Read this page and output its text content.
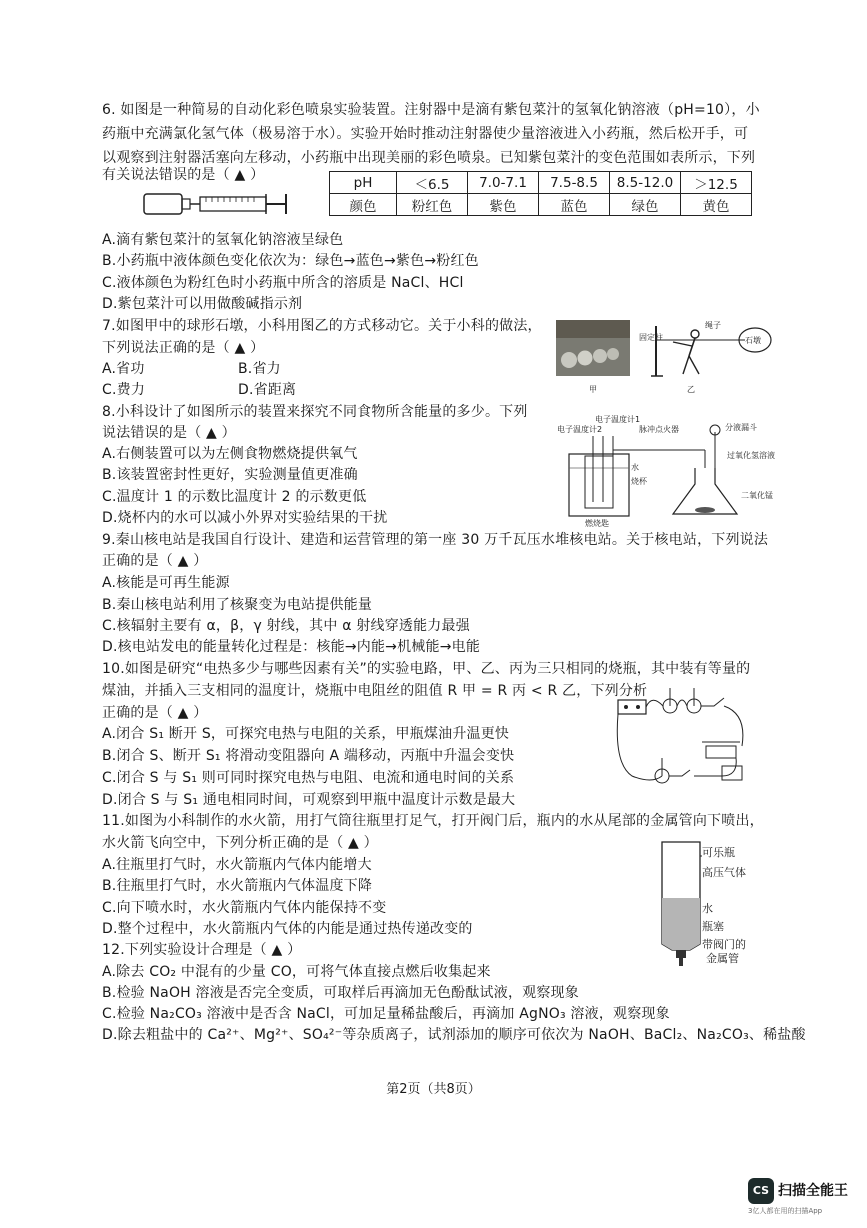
6. 如图是一种简易的自动化彩色喷泉实验装置。注射器中是滴有紫包菜汁的氢氧化钠溶液（pH=10），小
药瓶中充满氯化氢气体（极易溶于水）。实验开始时推动注射器使少量溶液进入小药瓶，然后松开手，可
以观察到注射器活塞向左移动，小药瓶中出现美丽的彩色喷泉。已知紫包菜汁的变色范围如表所示，下列
有关说法错误的是（ ▲ ）	pH	＜6.5	7.0-7.1	7.5-8.5	8.5-12.0	＞12.5
颜色	粉红色	紫色	蓝色	绿色	黄色
A.滴有紫包菜汁的氢氧化钠溶液呈绿色
B.小药瓶中液体颜色变化依次为：绿色→蓝色→紫色→粉红色
C.液体颜色为粉红色时小药瓶中所含的溶质是 NaCl、HCl
D.紫包菜汁可以用做酸碱指示剂
7.如图甲中的球形石墩，小科用图乙的方式移动它。关于小科的做法，
下列说法正确的是（ ▲ ）
A.省功	B.省力
C.费力	D.省距离	甲
固定柱	石墩
绳子
乙
8.小科设计了如图所示的装置来探究不同食物所含能量的多少。下列
说法错误的是（ ▲ ）
A.右侧装置可以为左侧食物燃烧提供氧气
B.该装置密封性更好，实验测量值更准确
C.温度计 1 的示数比温度计 2 的示数更低
D.烧杯内的水可以减小外界对实验结果的干扰
电子温度计1
电子温度计2	脉冲点火器
水
烧杯
燃烧匙
分液漏斗
过氧化氢溶液
二氧化锰
9.秦山核电站是我国自行设计、建造和运营管理的第一座 30 万千瓦压水堆核电站。关于核电站，下列说法
正确的是（ ▲ ）
A.核能是可再生能源
B.秦山核电站利用了核聚变为电站提供能量
C.核辐射主要有 α，β，γ 射线，其中 α 射线穿透能力最强
D.核电站发电的能量转化过程是：核能→内能→机械能→电能
10.如图是研究“电热多少与哪些因素有关”的实验电路，甲、乙、丙为三只相同的烧瓶，其中装有等量的
煤油，并插入三支相同的温度计，烧瓶中电阻丝的阻值 R 甲 = R 丙 < R 乙，下列分析
正确的是（ ▲ ）
A.闭合 S₁ 断开 S，可探究电热与电阻的关系，甲瓶煤油升温更快
B.闭合 S、断开 S₁ 将滑动变阻器向 A 端移动，丙瓶中升温会变快
C.闭合 S 与 S₁ 则可同时探究电热与电阻、电流和通电时间的关系
D.闭合 S 与 S₁ 通电相同时间，可观察到甲瓶中温度计示数是最大
11.如图为小科制作的水火箭，用打气筒往瓶里打足气，打开阀门后，瓶内的水从尾部的金属管向下喷出，
水火箭飞向空中，下列分析正确的是（ ▲ ）
A.往瓶里打气时，水火箭瓶内气体内能增大
B.往瓶里打气时，水火箭瓶内气体温度下降
C.向下喷水时，水火箭瓶内气体内能保持不变
D.整个过程中，水火箭瓶内气体的内能是通过热传递改变的
可乐瓶
高压气体
水
瓶塞
带阀门的
金属管
12.下列实验设计合理是（ ▲ ）
A.除去 CO₂ 中混有的少量 CO，可将气体直接点燃后收集起来
B.检验 NaOH 溶液是否完全变质，可取样后再滴加无色酚酞试液，观察现象
C.检验 Na₂CO₃ 溶液中是否含 NaCl，可加足量稀盐酸后，再滴加 AgNO₃ 溶液，观察现象
D.除去粗盐中的 Ca²⁺、Mg²⁺、SO₄²⁻等杂质离子，试剂添加的顺序可依次为 NaOH、BaCl₂、Na₂CO₃、稀盐酸
第2页（共8页）
CS 扫描全能王
3亿人都在用的扫描App
